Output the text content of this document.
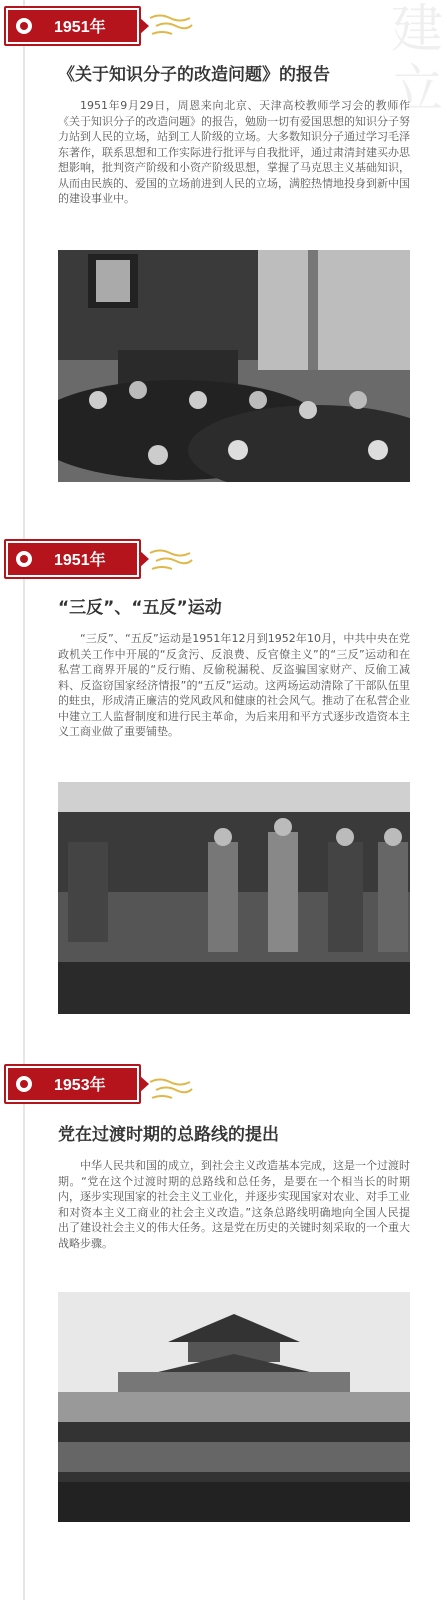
建
立
1951年
《关于知识分子的改造问题》的报告
1951年9月29日，周恩来向北京、天津高校教师学习会的教师作《关于知识分子的改造问题》的报告，勉励一切有爱国思想的知识分子努力站到人民的立场，站到工人阶级的立场。大多数知识分子通过学习毛泽东著作，联系思想和工作实际进行批评与自我批评，通过肃清封建买办思想影响，批判资产阶级和小资产阶级思想，掌握了马克思主义基础知识，从而由民族的、爱国的立场前进到人民的立场，满腔热情地投身到新中国的建设事业中。
1951年
“三反”、“五反”运动
“三反”、“五反”运动是1951年12月到1952年10月，中共中央在党政机关工作中开展的“反贪污、反浪费、反官僚主义”的“三反”运动和在私营工商界开展的“反行贿、反偷税漏税、反盗骗国家财产、反偷工减料、反盗窃国家经济情报”的“五反”运动。这两场运动清除了干部队伍里的蛀虫，形成清正廉洁的党风政风和健康的社会风气。推动了在私营企业中建立工人监督制度和进行民主革命，为后来用和平方式逐步改造资本主义工商业做了重要铺垫。
1953年
党在过渡时期的总路线的提出
中华人民共和国的成立，到社会主义改造基本完成，这是一个过渡时期。“党在这个过渡时期的总路线和总任务，是要在一个相当长的时期内，逐步实现国家的社会主义工业化，并逐步实现国家对农业、对手工业和对资本主义工商业的社会主义改造。”这条总路线明确地向全国人民提出了建设社会主义的伟大任务。这是党在历史的关键时刻采取的一个重大战略步骤。
